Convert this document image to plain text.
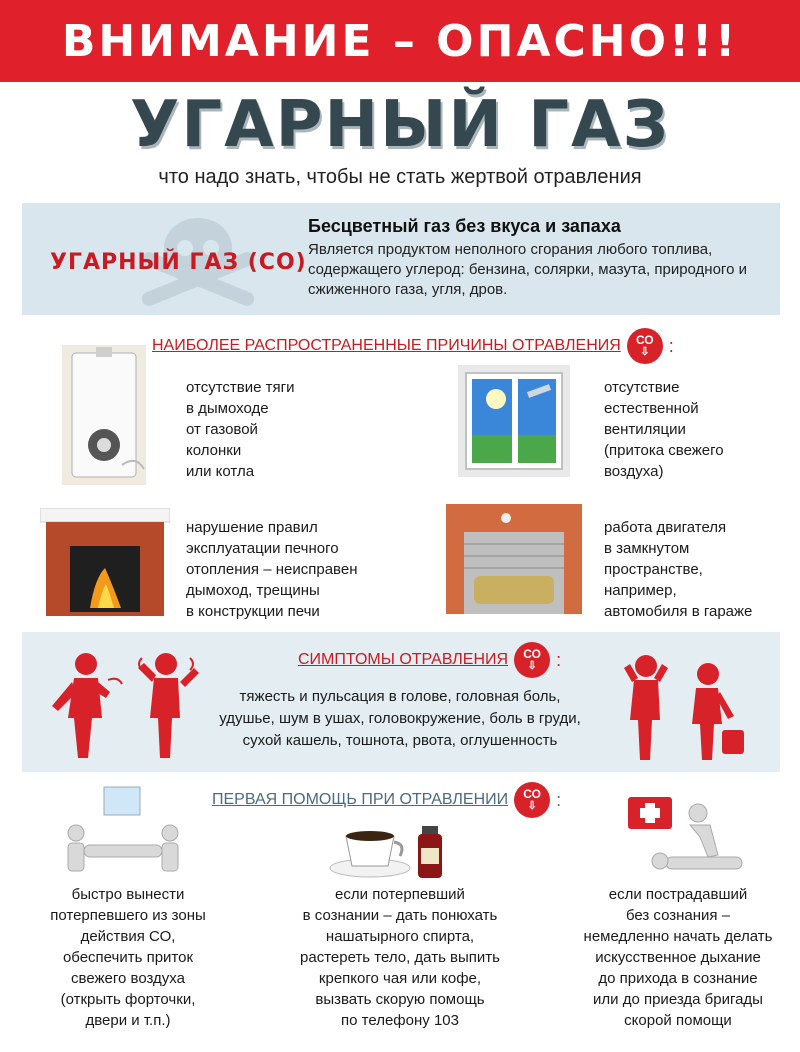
ВНИМАНИЕ – ОПАСНО!!!
УГАРНЫЙ ГАЗ
что надо знать, чтобы не стать жертвой отравления
УГАРНЫЙ ГАЗ (СО)
Бесцветный газ без вкуса и запаха
Является продуктом неполного сгорания любого топлива, содержащего углерод: бензина, солярки, мазута, природного и сжиженного газа, угля, дров.
НАИБОЛЕЕ РАСПРОСТРАНЕННЫЕ ПРИЧИНЫ ОТРАВЛЕНИЯ СО
⇩ :
отсутствие тяги
в дымоходе
от газовой
колонки
или котла
отсутствие
естественной
вентиляции
(притока свежего
воздуха)
нарушение правил
эксплуатации печного
отопления – неисправен
дымоход, трещины
в конструкции печи
работа двигателя
в замкнутом
пространстве,
например,
автомобиля в гараже
СИМПТОМЫ ОТРАВЛЕНИЯ СО
⇩ :
тяжесть и пульсация в голове, головная боль,
удушье, шум в ушах, головокружение, боль в груди,
сухой кашель, тошнота, рвота, оглушенность
ПЕРВАЯ ПОМОЩЬ ПРИ ОТРАВЛЕНИИ СО
⇩ :
быстро вынести
потерпевшего из зоны
действия СО,
обеспечить приток
свежего воздуха
(открыть форточки,
двери и т.п.)
если потерпевший
в сознании – дать понюхать
нашатырного спирта,
растереть тело, дать выпить
крепкого чая или кофе,
вызвать скорую помощь
по телефону 103
если пострадавший
без сознания –
немедленно начать делать
искусственное дыхание
до прихода в сознание
или до приезда бригады
скорой помощи
